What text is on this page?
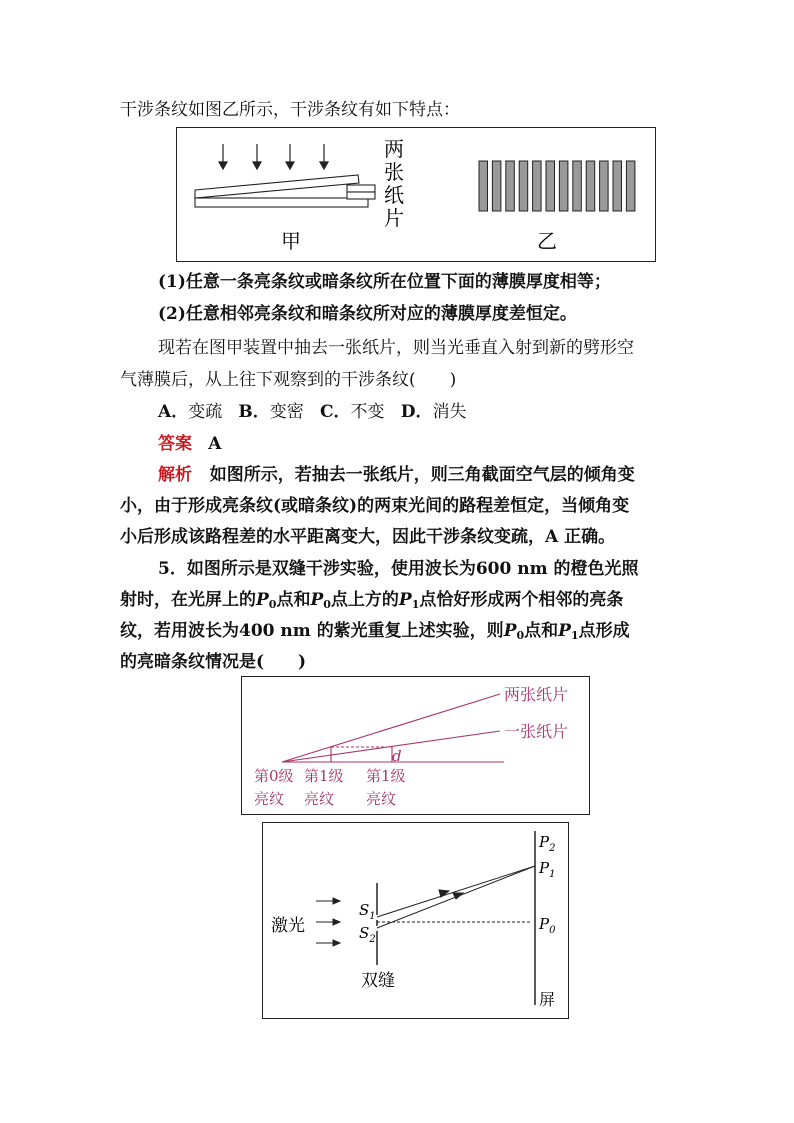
干涉条纹如图乙所示，干涉条纹有如下特点：
两
张
纸
片
甲	乙
(1)任意一条亮条纹或暗条纹所在位置下面的薄膜厚度相等；
(2)任意相邻亮条纹和暗条纹所对应的薄膜厚度差恒定。
现若在图甲装置中抽去一张纸片，则当光垂直入射到新的劈形空
气薄膜后，从上往下观察到的干涉条纹(　　)
A．变疏 B．变密 C．不变 D．消失
答案 A
解析 如图所示，若抽去一张纸片，则三角截面空气层的倾角变
小，由于形成亮条纹(或暗条纹)的两束光间的路程差恒定，当倾角变
小后形成该路程差的水平距离变大，因此干涉条纹变疏，A 正确。
5．如图所示是双缝干涉实验，使用波长为600 nm 的橙色光照
射时，在光屏上的$P_0$点和$P_0$点上方的$P_1$点恰好形成两个相邻的亮条
纹，若用波长为400 nm 的紫光重复上述实验，则$P_0$点和$P_1$点形成
的亮暗条纹情况是(　　)
两张纸片
一张纸片
d
第0级
亮纹
第1级
亮纹
第1级
亮纹
激光
$S_1$
$S_2$
双缝
$P_2$
$P_1$
$P_0$
屏
